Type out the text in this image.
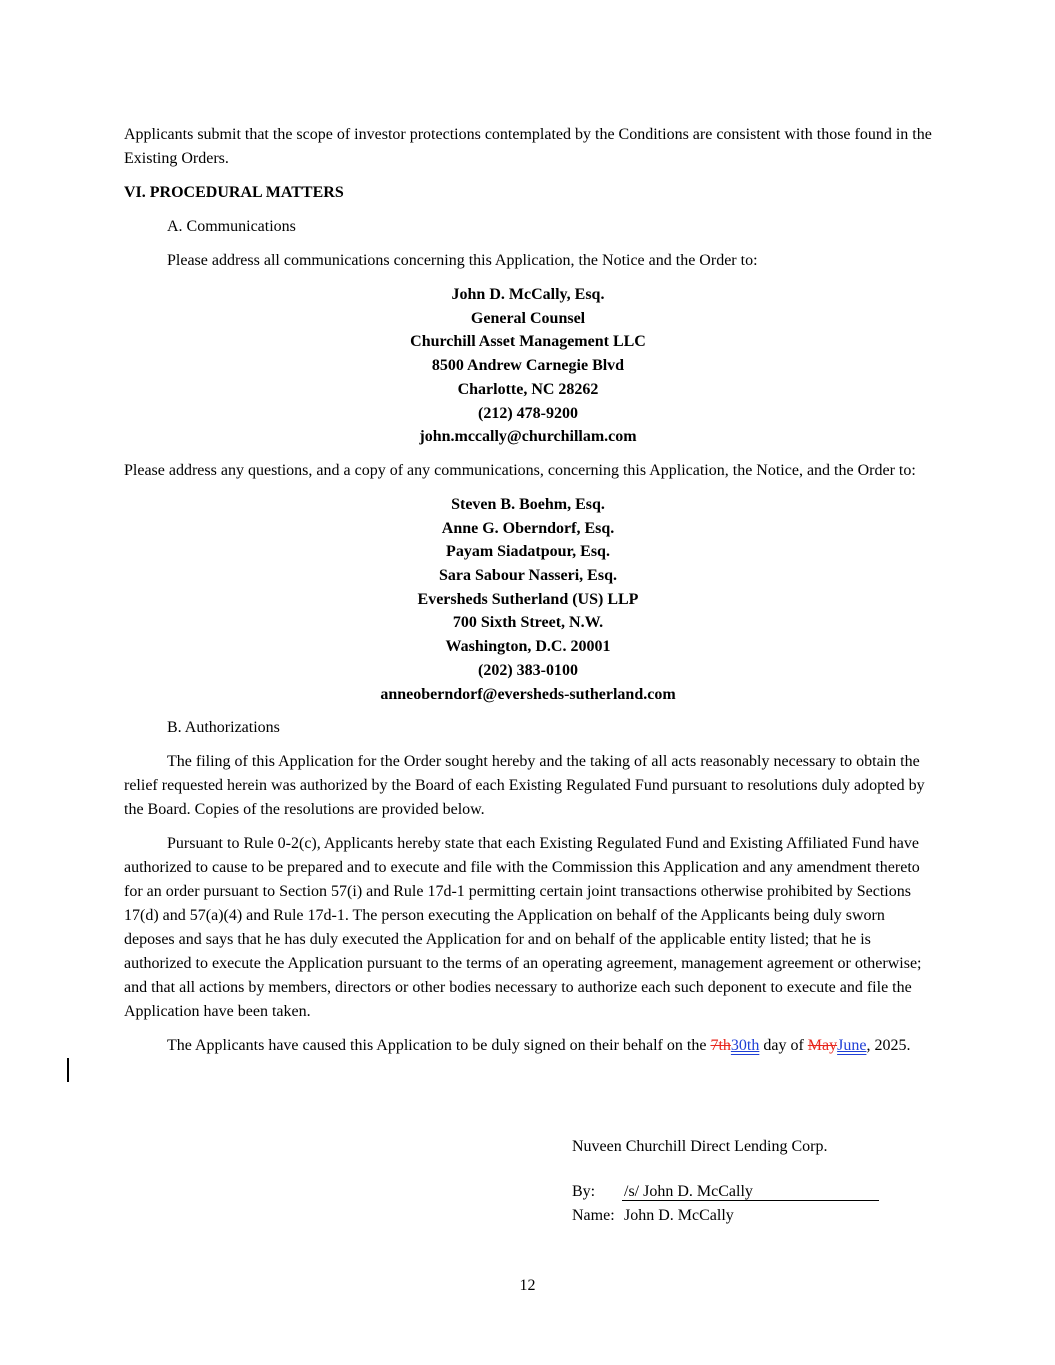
Applicants submit that the scope of investor protections contemplated by the Conditions are consistent with those found in the Existing Orders.

VI. PROCEDURAL MATTERS

A. Communications

Please address all communications concerning this Application, the Notice and the Order to:

John D. McCally, Esq.
General Counsel
Churchill Asset Management LLC
8500 Andrew Carnegie Blvd
Charlotte, NC 28262
(212) 478-9200
john.mccally@churchillam.com

Please address any questions, and a copy of any communications, concerning this Application, the Notice, and the Order to:

Steven B. Boehm, Esq.
Anne G. Oberndorf, Esq.
Payam Siadatpour, Esq.
Sara Sabour Nasseri, Esq.
Eversheds Sutherland (US) LLP
700 Sixth Street, N.W.
Washington, D.C. 20001
(202) 383-0100
anneoberndorf@eversheds-sutherland.com

B. Authorizations

The filing of this Application for the Order sought hereby and the taking of all acts reasonably necessary to obtain the relief requested herein was authorized by the Board of each Existing Regulated Fund pursuant to resolutions duly adopted by the Board. Copies of the resolutions are provided below.

Pursuant to Rule 0-2(c), Applicants hereby state that each Existing Regulated Fund and Existing Affiliated Fund have authorized to cause to be prepared and to execute and file with the Commission this Application and any amendment thereto for an order pursuant to Section 57(i) and Rule 17d-1 permitting certain joint transactions otherwise prohibited by Sections 17(d) and 57(a)(4) and Rule 17d-1. The person executing the Application on behalf of the Applicants being duly sworn deposes and says that he has duly executed the Application for and on behalf of the applicable entity listed; that he is authorized to execute the Application pursuant to the terms of an operating agreement, management agreement or otherwise; and that all actions by members, directors or other bodies necessary to authorize each such deponent to execute and file the Application have been taken.

The Applicants have caused this Application to be duly signed on their behalf on the 7th30th day of MayJune, 2025.

Nuveen Churchill Direct Lending Corp.

By: /s/ John D. McCally

Name: John D. McCally

12
